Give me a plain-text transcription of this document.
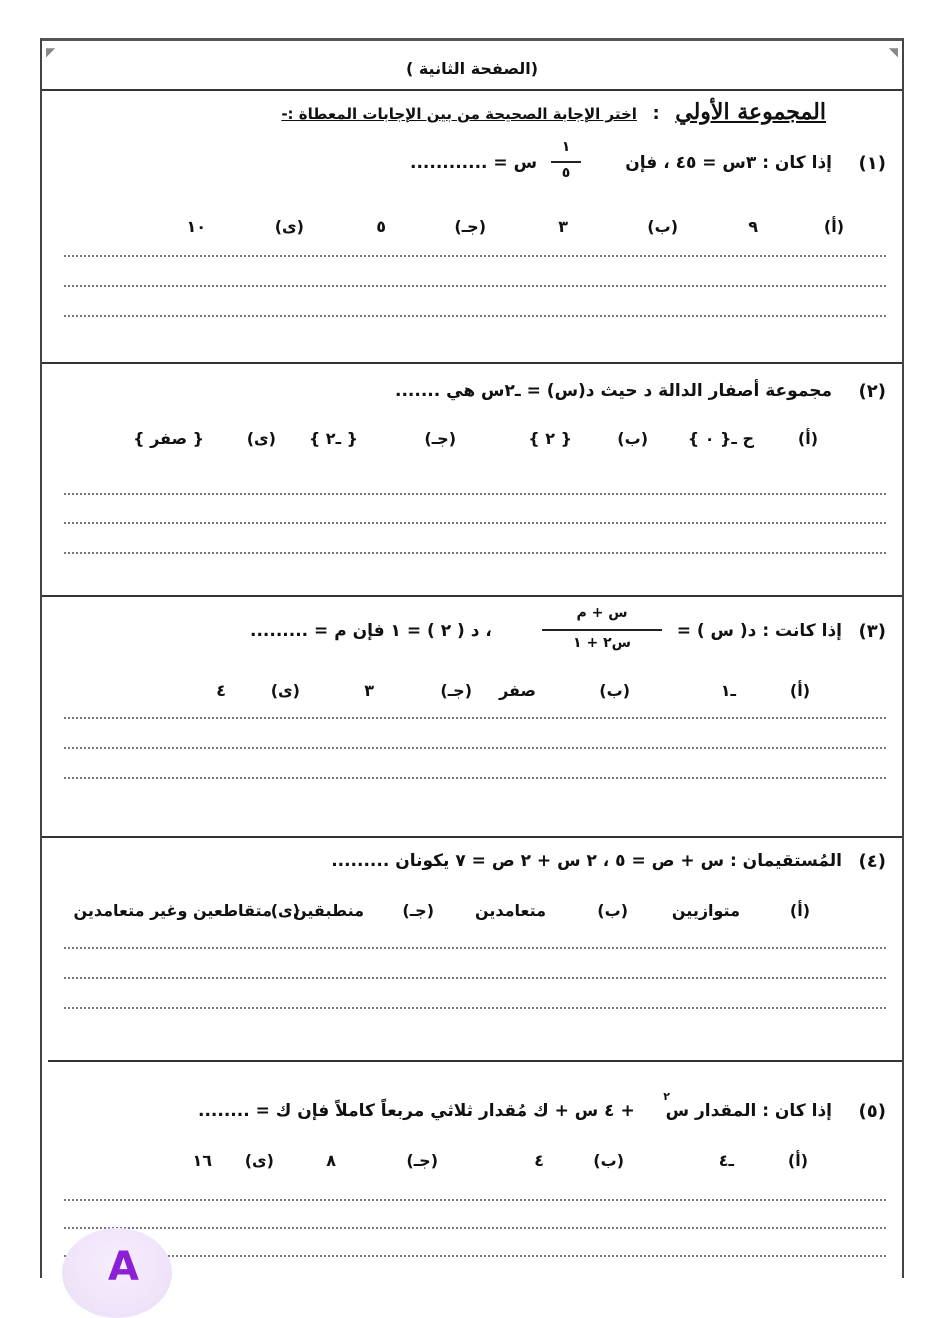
◤	◥
(الصفحة الثانية )
المجموعة الأولي : اختر الإجابة الصحيحة من بين الإجابات المعطاة :-
(١)
إذا كان : ٣س = ٤٥ ، فإن
١
٥
س = ............
(أ)
٩
(ب)
٣
(جـ)
٥
(ى)
١٠
(٢)
مجموعة أصفار الدالة د حيث د(س) = ـ٢س هي .......
(أ)
ح ـ{ ٠ }
(ب)
{ ٢ }
(جـ)
{ ـ٢ }
(ى)
{ صفر }
(٣)
إذا كانت : د( س ) =
س + م
س٢ + ١
، د ( ٢ ) = ١ فإن م = .........
(أ)
ـ١
(ب)
صفر
(جـ)
٣
(ى)
٤
(٤)
المُستقيمان : س + ص = ٥ ، ٢ س + ٢ ص = ٧ يكونان .........
(أ)
متوازيين
(ب)
متعامدين
(جـ)
منطبقين
(ى)
متقاطعين وغير متعامدين
(٥)
إذا كان : المقدار س
٢
+ ٤ س + ك مُقدار ثلاثي مربعاً كاملاً فإن ك = ........
(أ)
ـ٤
(ب)
٤
(جـ)
٨
(ى)
١٦
A
